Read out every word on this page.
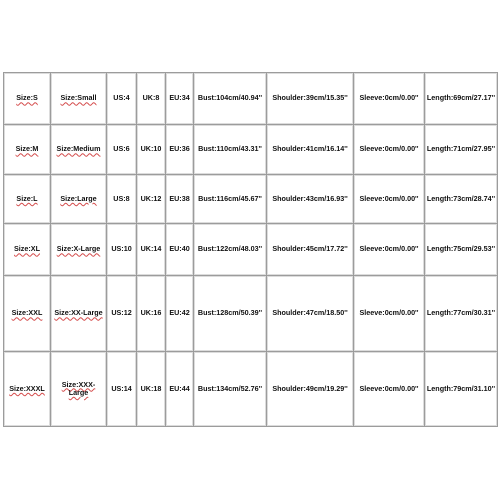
Size:S	Size:Small	US:4	UK:8	EU:34	Bust:104cm/40.94''	Shoulder:39cm/15.35''	Sleeve:0cm/0.00''	Length:69cm/27.17''
Size:M	Size:Medium	US:6	UK:10	EU:36	Bust:110cm/43.31''	Shoulder:41cm/16.14''	Sleeve:0cm/0.00''	Length:71cm/27.95''
Size:L	Size:Large	US:8	UK:12	EU:38	Bust:116cm/45.67''	Shoulder:43cm/16.93''	Sleeve:0cm/0.00''	Length:73cm/28.74''
Size:XL	Size:X-Large	US:10	UK:14	EU:40	Bust:122cm/48.03''	Shoulder:45cm/17.72''	Sleeve:0cm/0.00''	Length:75cm/29.53''
Size:XXL	Size:XX-Large	US:12	UK:16	EU:42	Bust:128cm/50.39''	Shoulder:47cm/18.50''	Sleeve:0cm/0.00''	Length:77cm/30.31''
Size:XXXL	Size:XXX-Large	US:14	UK:18	EU:44	Bust:134cm/52.76''	Shoulder:49cm/19.29''	Sleeve:0cm/0.00''	Length:79cm/31.10''
